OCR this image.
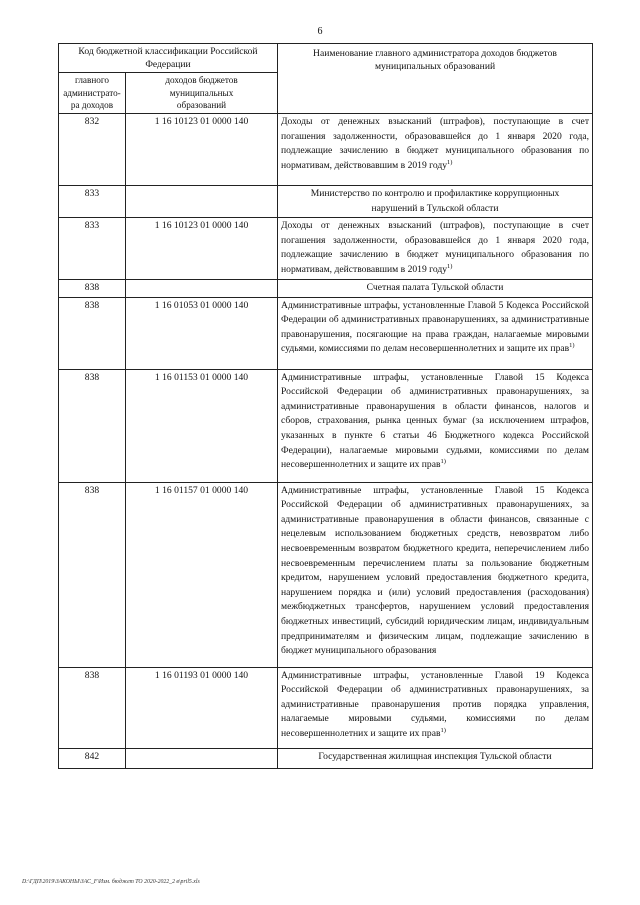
6
Код бюджетной классификации Российской Федерации		Наименование главного администратора доходов бюджетов муниципальных образований
главного администрато-ра доходов	доходов бюджетов муниципальных образований	
832	1 16 10123 01 0000 140	Доходы от денежных взысканий (штрафов), поступающие в счет погашения задолженности, образовавшейся до 1 января 2020 года, подлежащие зачислению в бюджет муниципального образования по нормативам, действовавшим в 2019 году$^{1)}$
833		Министерство по контролю и профилактике коррупционных нарушений в Тульской области
833	1 16 10123 01 0000 140	Доходы от денежных взысканий (штрафов), поступающие в счет погашения задолженности, образовавшейся до 1 января 2020 года, подлежащие зачислению в бюджет муниципального образования по нормативам, действовавшим в 2019 году$^{1)}$
838		Счетная палата Тульской области
838	1 16 01053 01 0000 140	Административные штрафы, установленные Главой 5 Кодекса Российской Федерации об административных правонарушениях, за административные правонарушения, посягающие на права граждан, налагаемые мировыми судьями, комиссиями по делам несовершеннолетних и защите их прав$^{1)}$
838	1 16 01153 01 0000 140	Административные штрафы, установленные Главой 15 Кодекса Российской Федерации об административных правонарушениях, за административные правонарушения в области финансов, налогов и сборов, страхования, рынка ценных бумаг (за исключением штрафов, указанных в пункте 6 статьи 46 Бюджетного кодекса Российской Федерации), налагаемые мировыми судьями, комиссиями по делам несовершеннолетних и защите их прав$^{1)}$
838	1 16 01157 01 0000 140	Административные штрафы, установленные Главой 15 Кодекса Российской Федерации об административных правонарушениях, за административные правонарушения в области финансов, связанные с нецелевым использованием бюджетных средств, невозвратом либо несвоевременным возвратом бюджетного кредита, неперечислением либо несвоевременным перечислением платы за пользование бюджетным кредитом, нарушением условий предоставления бюджетного кредита, нарушением порядка и (или) условий предоставления (расходования) межбюджетных трансфертов, нарушением условий предоставления бюджетных инвестиций, субсидий юридическим лицам, индивидуальным предпринимателям и физическим лицам, подлежащие зачислению в бюджет муниципального образования
838	1 16 01193 01 0000 140	Административные штрафы, установленные Главой 19 Кодекса Российской Федерации об административных правонарушениях, за административные правонарушения против порядка управления, налагаемые мировыми судьями, комиссиями по делам несовершеннолетних и защите их прав$^{1)}$
842		Государственная жилищная инспекция Тульской области
D:\ГДП\2019\ЗАКОНЫ\ЗАС_F\Изм. бюджет ТО 2020-2022_2 в\pril5.xls
